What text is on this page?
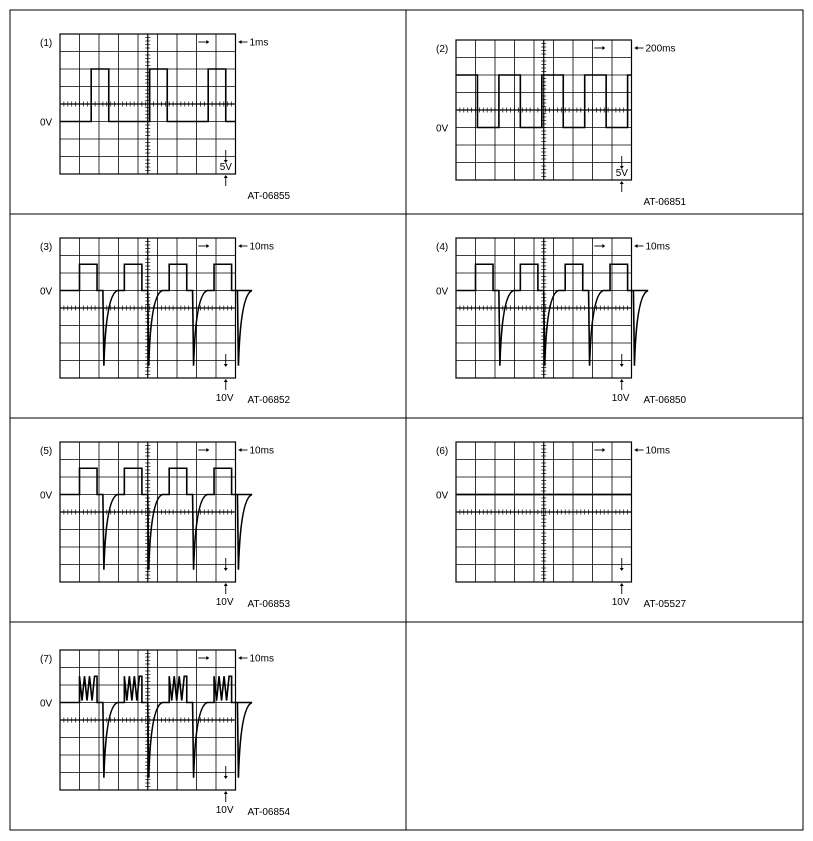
(1)
0V
1ms
5V
AT-06855
(2)
0V
200ms
5V
AT-06851
(3)
0V
10ms
10V AT-06852
(4)
0V
10ms
10V AT-06850
(5)
0V
10ms
10V AT-06853
(6)
0V
10ms
10V AT-05527
(7)
0V
10ms
10V AT-06854
